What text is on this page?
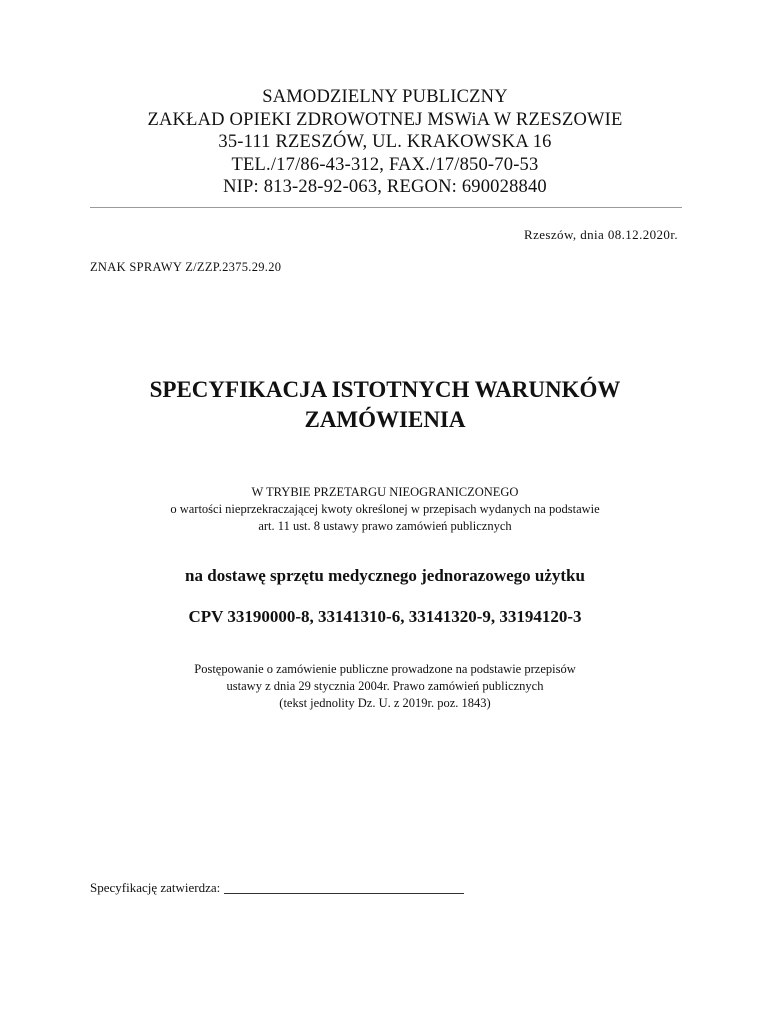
SAMODZIELNY PUBLICZNY
ZAKŁAD OPIEKI ZDROWOTNEJ MSWiA W RZESZOWIE
35-111 RZESZÓW, UL. KRAKOWSKA 16
TEL./17/86-43-312, FAX./17/850-70-53
NIP: 813-28-92-063, REGON: 690028840
Rzeszów, dnia 08.12.2020r.
ZNAK SPRAWY Z/ZZP.2375.29.20
SPECYFIKACJA ISTOTNYCH WARUNKÓW
ZAMÓWIENIA
W TRYBIE PRZETARGU NIEOGRANICZONEGO
o wartości nieprzekraczającej kwoty określonej w przepisach wydanych na podstawie
art. 11 ust. 8 ustawy prawo zamówień publicznych
na dostawę sprzętu medycznego jednorazowego użytku
CPV 33190000-8, 33141310-6, 33141320-9, 33194120-3
Postępowanie o zamówienie publiczne prowadzone na podstawie przepisów
ustawy z dnia 29 stycznia 2004r. Prawo zamówień publicznych
(tekst jednolity Dz. U. z 2019r. poz. 1843)
Specyfikację zatwierdza:
